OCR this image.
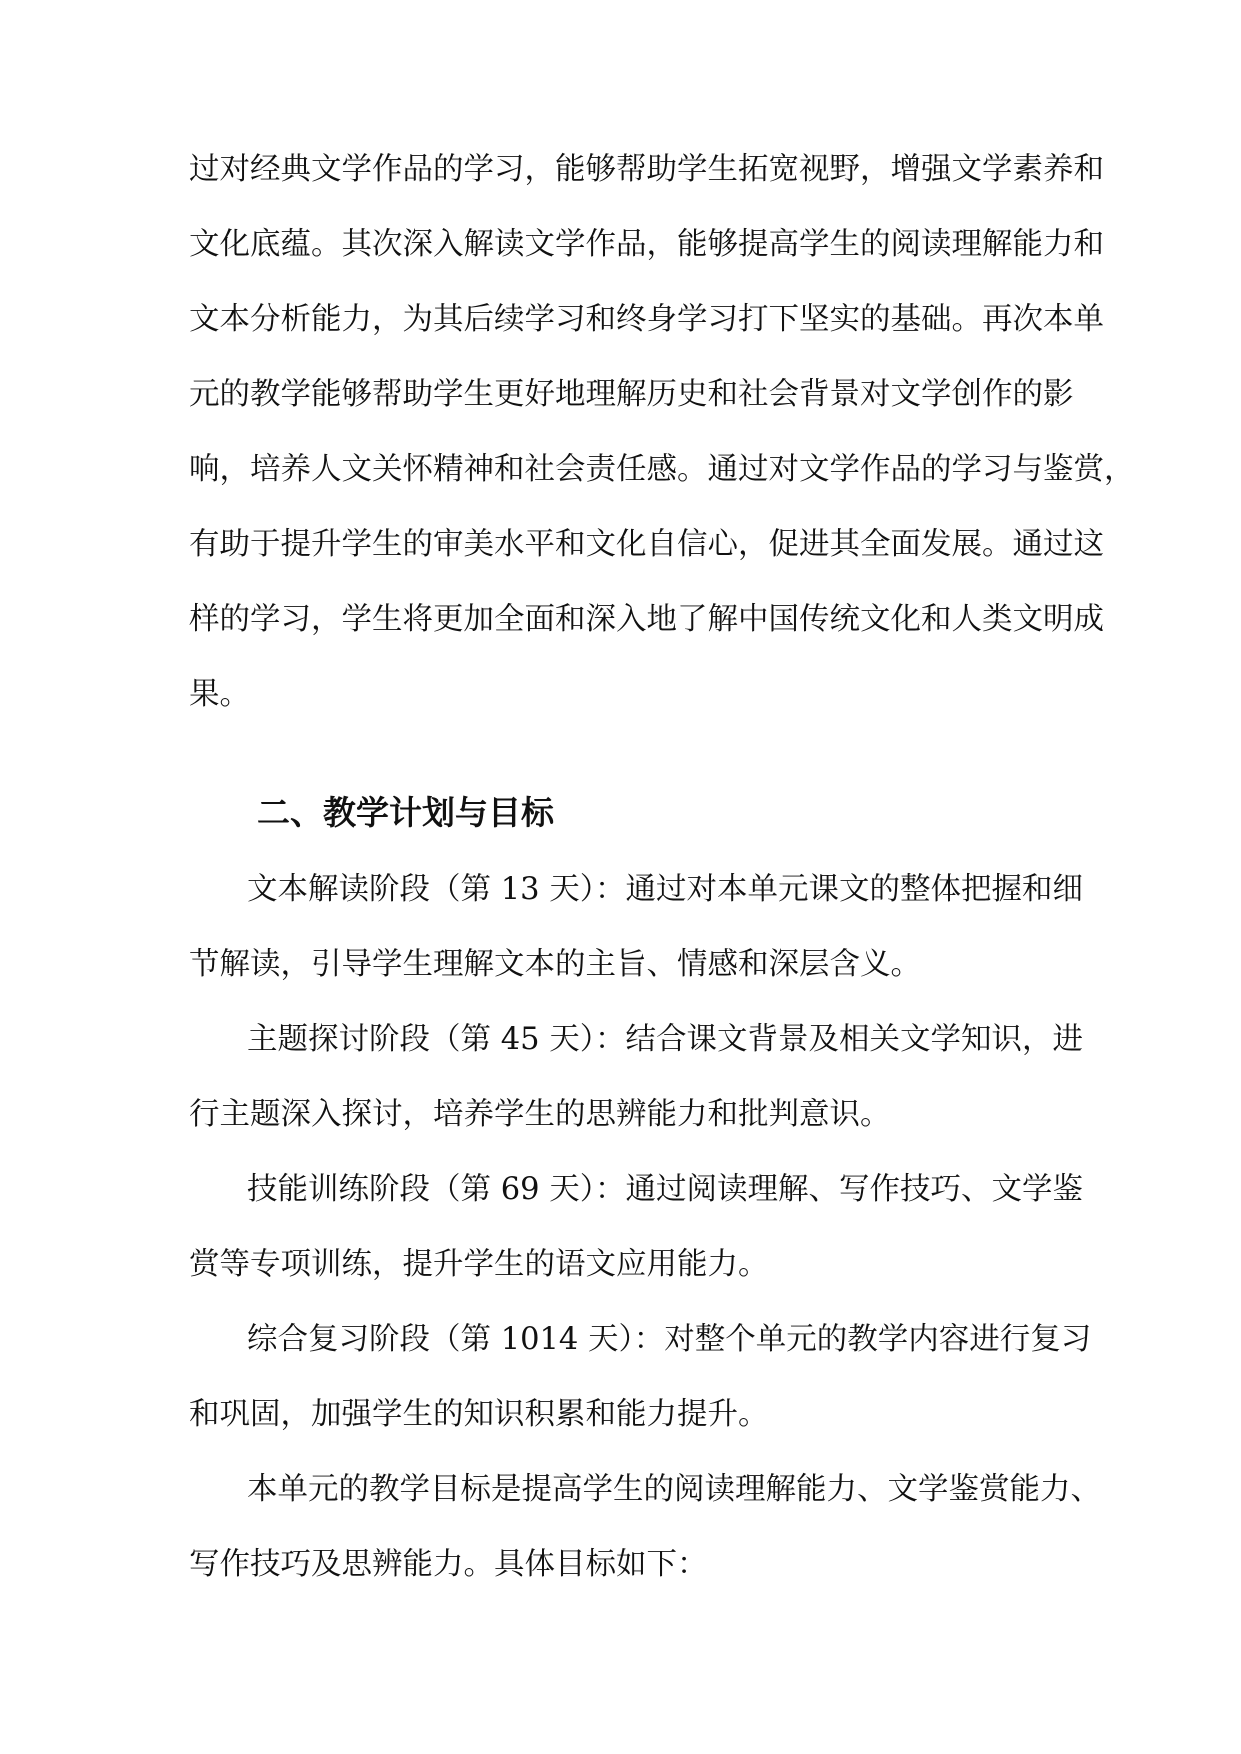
过对经典文学作品的学习，能够帮助学生拓宽视野，增强文学素养和
文化底蕴。其次深入解读文学作品，能够提高学生的阅读理解能力和
文本分析能力，为其后续学习和终身学习打下坚实的基础。再次本单
元的教学能够帮助学生更好地理解历史和社会背景对文学创作的影
响，培养人文关怀精神和社会责任感。通过对文学作品的学习与鉴赏，
有助于提升学生的审美水平和文化自信心，促进其全面发展。通过这
样的学习，学生将更加全面和深入地了解中国传统文化和人类文明成
果。
二、教学计划与目标
文本解读阶段（第 13 天）：通过对本单元课文的整体把握和细
节解读，引导学生理解文本的主旨、情感和深层含义。
主题探讨阶段（第 45 天）：结合课文背景及相关文学知识，进
行主题深入探讨，培养学生的思辨能力和批判意识。
技能训练阶段（第 69 天）：通过阅读理解、写作技巧、文学鉴
赏等专项训练，提升学生的语文应用能力。
综合复习阶段（第 1014 天）：对整个单元的教学内容进行复习
和巩固，加强学生的知识积累和能力提升。
本单元的教学目标是提高学生的阅读理解能力、文学鉴赏能力、
写作技巧及思辨能力。具体目标如下：
